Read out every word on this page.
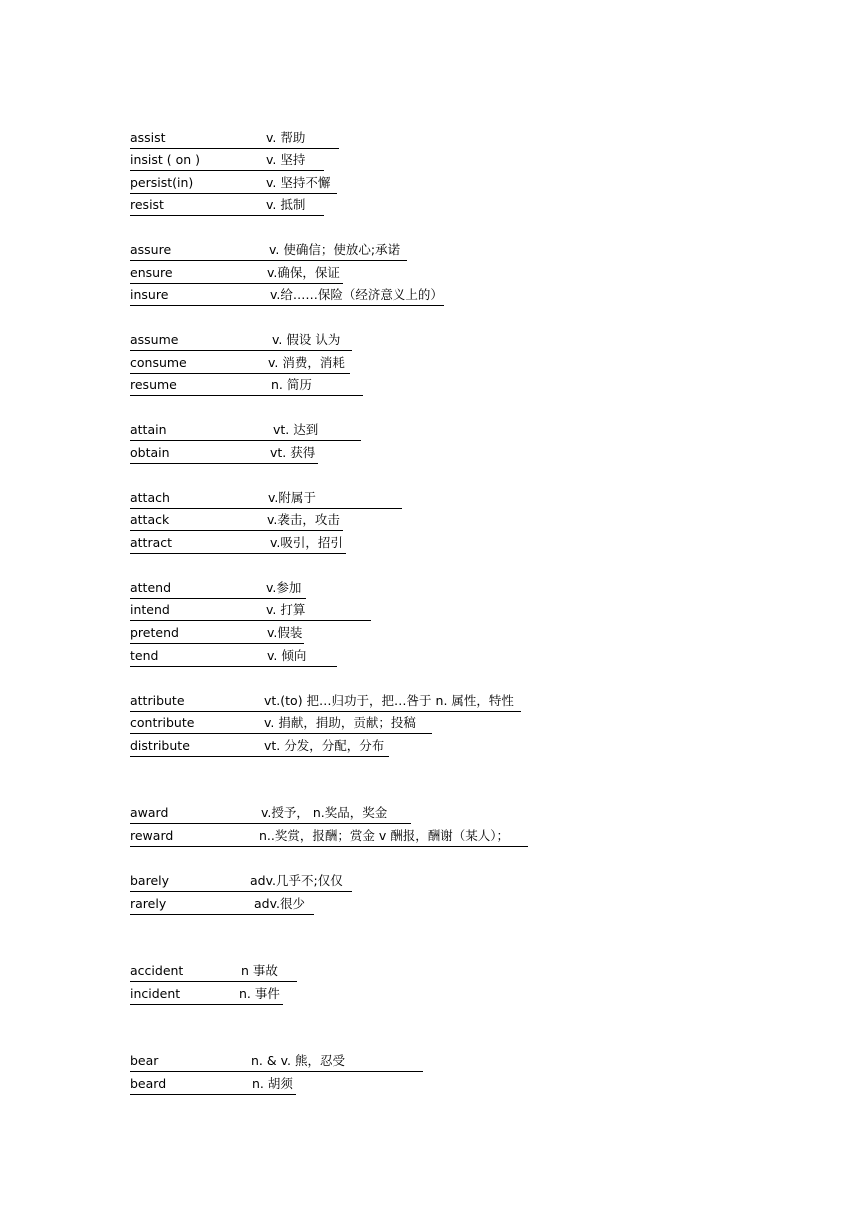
assist	v. 帮助
insist ( on )	v. 坚持
persist(in)	v. 坚持不懈
resist	v. 抵制
assure	v. 使确信；使放心;承诺
ensure	v.确保，保证
insure	v.给……保险（经济意义上的）
assume	v. 假设 认为
consume	v. 消费，消耗
resume	n. 简历
attain	vt. 达到
obtain	vt. 获得
attach	v.附属于
attack	v.袭击，攻击
attract	v.吸引，招引
attend	v.参加
intend	v. 打算
pretend	v.假装
tend	v. 倾向
attribute	vt.(to) 把…归功于，把…咎于 n. 属性，特性
contribute	v. 捐献，捐助，贡献；投稿
distribute	vt. 分发，分配，分布
award	v.授予， n.奖品，奖金
reward	n..奖赏，报酬；赏金 v 酬报，酬谢（某人）；
barely	adv.几乎不;仅仅
rarely	adv.很少
accident	n 事故
incident	n. 事件
bear	n. & v. 熊，忍受
beard	n. 胡须
